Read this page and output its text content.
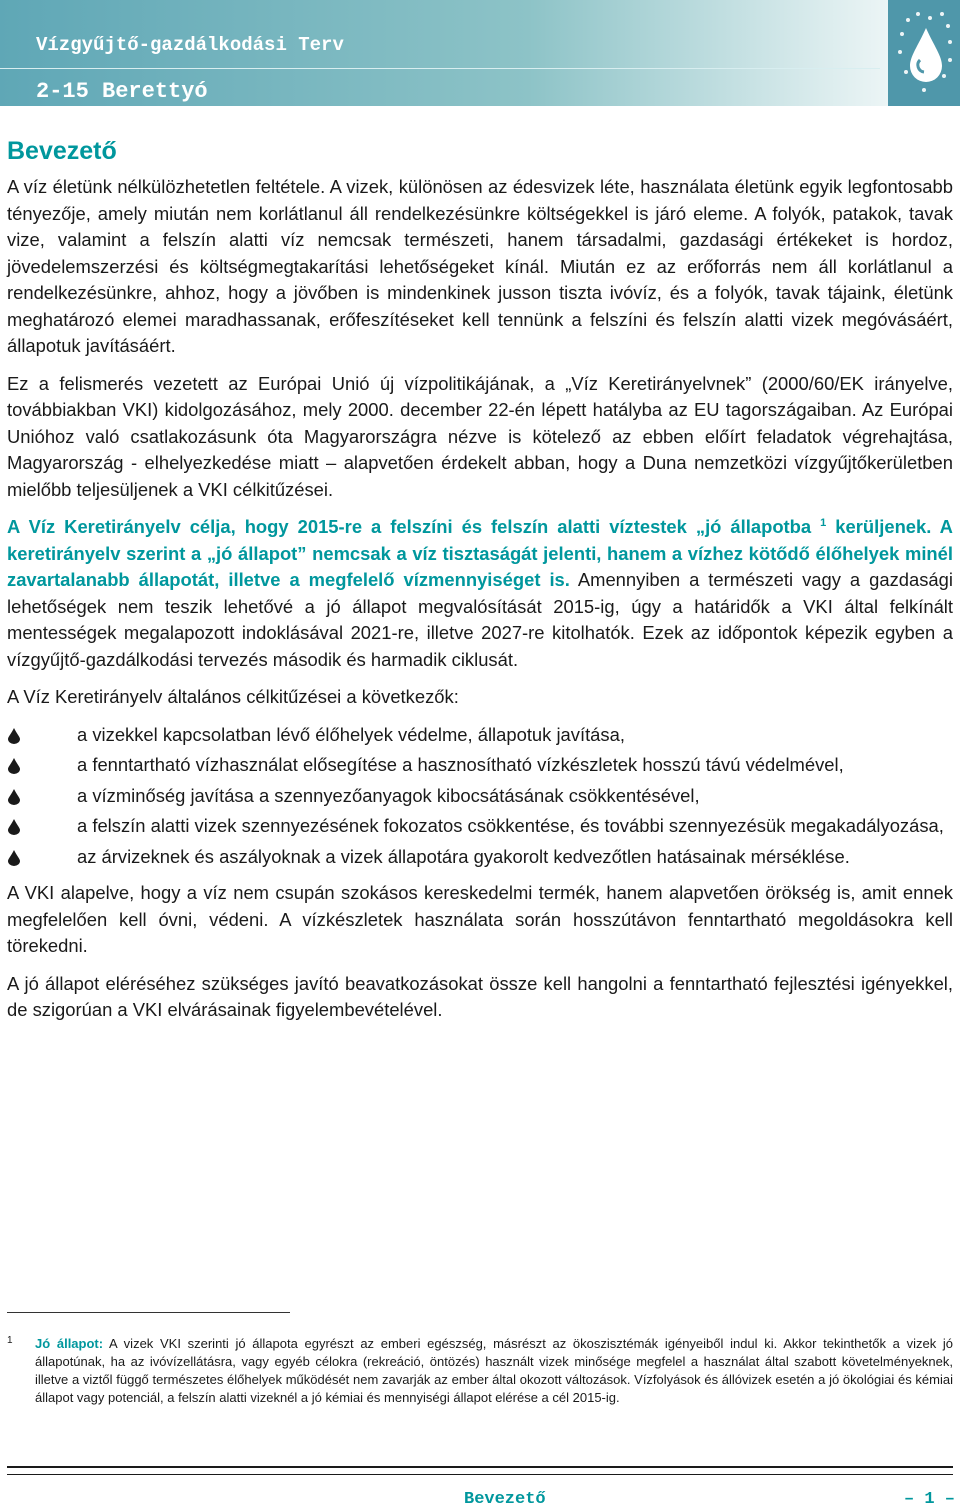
Vízgyűjtő-gazdálkodási Terv
2-15 Berettyó
Bevezető

A víz életünk nélkülözhetetlen feltétele. A vizek, különösen az édesvizek léte, használata életünk egyik legfontosabb tényezője, amely miután nem korlátlanul áll rendelkezésünkre költségekkel is járó eleme. A folyók, patakok, tavak vize, valamint a felszín alatti víz nemcsak természeti, hanem társadalmi, gazdasági értékeket is hordoz, jövedelemszerzési és költségmegtakarítási lehetőségeket kínál. Miután ez az erőforrás nem áll korlátlanul a rendelkezésünkre, ahhoz, hogy a jövőben is mindenkinek jusson tiszta ivóvíz, és a folyók, tavak tájaink, életünk meghatározó elemei maradhassanak, erőfeszítéseket kell tennünk a felszíni és felszín alatti vizek megóvásáért, állapotuk javításáért.

Ez a felismerés vezetett az Európai Unió új vízpolitikájának, a „Víz Keretirányelvnek” (2000/60/EK irányelve, továbbiakban VKI) kidolgozásához, mely 2000. december 22-én lépett hatályba az EU tagországaiban. Az Európai Unióhoz való csatlakozásunk óta Magyarországra nézve is kötelező az ebben előírt feladatok végrehajtása, Magyarország - elhelyezkedése miatt – alapvetően érdekelt abban, hogy a Duna nemzetközi vízgyűjtőkerületben mielőbb teljesüljenek a VKI célkitűzései.

A Víz Keretirányelv célja, hogy 2015-re a felszíni és felszín alatti víztestek „jó állapotba $^1$ kerüljenek. A keretirányelv szerint a „jó állapot” nemcsak a víz tisztaságát jelenti, hanem a vízhez kötődő élőhelyek minél zavartalanabb állapotát, illetve a megfelelő vízmennyiséget is. Amennyiben a természeti vagy a gazdasági lehetőségek nem teszik lehetővé a jó állapot megvalósítását 2015-ig, úgy a határidők a VKI által felkínált mentességek megalapozott indoklásával 2021-re, illetve 2027-re kitolhatók. Ezek az időpontok képezik egyben a vízgyűjtő-gazdálkodási tervezés második és harmadik ciklusát.

A Víz Keretirányelv általános célkitűzései a következők:

a vizekkel kapcsolatban lévő élőhelyek védelme, állapotuk javítása,
a fenntartható vízhasználat elősegítése a hasznosítható vízkészletek hosszú távú védelmével,
a vízminőség javítása a szennyezőanyagok kibocsátásának csökkentésével,
a felszín alatti vizek szennyezésének fokozatos csökkentése, és további szennyezésük megakadályozása,
az árvizeknek és aszályoknak a vizek állapotára gyakorolt kedvezőtlen hatásainak mérséklése.

A VKI alapelve, hogy a víz nem csupán szokásos kereskedelmi termék, hanem alapvetően örökség is, amit ennek megfelelően kell óvni, védeni. A vízkészletek használata során hosszútávon fenntartható megoldásokra kell törekedni.

A jó állapot eléréséhez szükséges javító beavatkozásokat össze kell hangolni a fenntartható fejlesztési igényekkel, de szigorúan a VKI elvárásainak figyelembevételével.

1 Jó állapot: A vizek VKI szerinti jó állapota egyrészt az emberi egészség, másrészt az ökoszisztémák igényeiből indul ki. Akkor tekinthetők a vizek jó állapotúnak, ha az ivóvízellátásra, vagy egyéb célokra (rekreáció, öntözés) használt vizek minősége megfelel a használat által szabott követelményeknek, illetve a viztől függő természetes élőhelyek működését nem zavarják az ember által okozott változások. Vízfolyások és állóvizek esetén a jó ökológiai és kémiai állapot vagy potenciál, a felszín alatti vizeknél a jó kémiai és mennyiségi állapot elérése a cél 2015-ig.
Bevezető	– 1 –
